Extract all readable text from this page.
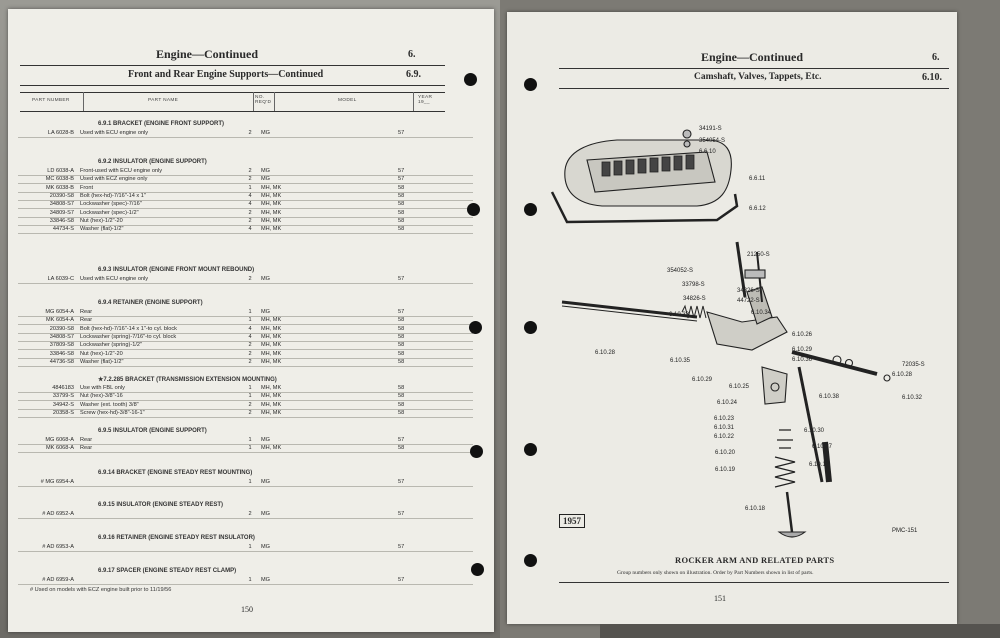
Engine—Continued	6.
Front and Rear Engine Supports—Continued	6.9.
PART NUMBER	PART NAME
NO. REQ'D	MODEL
YEAR 19__
6.9.1 BRACKET (ENGINE FRONT SUPPORT)
LA 6028-B Used with ECU engine only	2	MG	57
6.9.2 INSULATOR (ENGINE SUPPORT)
LD 6038-A Front-used with ECU engine only	2	MG	57
MC 6038-B Used with ECZ engine only	2	MG	57
MK 6038-B Front	1	MH, MK	58
20390-S8 Bolt (hex-hd)-7/16"-14 x 1"	4	MH, MK	58
34808-S7 Lockwasher (spec)-7/16"	4	MH, MK	58
34809-S7 Lockwasher (spec)-1/2"	2	MH, MK	58
33846-S8 Nut (hex)-1/2"-20	2	MH, MK	58
44734-S Washer (flat)-1/2"	4	MH, MK	58
6.9.3 INSULATOR (ENGINE FRONT MOUNT REBOUND)
LA 6039-C Used with ECU engine only	2	MG	57
6.9.4 RETAINER (ENGINE SUPPORT)
MG 6054-A Rear	1	MG	57
MK 6054-A Rear	1	MH, MK	58
20390-S8 Bolt (hex-hd)-7/16"-14 x 1"-to cyl. block	4	MH, MK	58
34808-S7 Lockwasher (spring)-7/16"-to cyl. block	4	MH, MK	58
37809-S8 Lockwasher (spring)-1/2"	2	MH, MK	58
33846-S8 Nut (hex)-1/2"-20	2	MH, MK	58
44736-S8 Washer (flat)-1/2"	2	MH, MK	58
★7.2.285 BRACKET (TRANSMISSION EXTENSION MOUNTING)
4846183 Use with FBL only	1	MH, MK	58
33799-S Nut (hex)-3/8"-16	1	MH, MK	58
34942-S Washer (ext. tooth) 3/8"	2	MH, MK	58
20358-S Screw (hex-hd)-3/8"-16-1"	2	MH, MK	58
6.9.5 INSULATOR (ENGINE SUPPORT)
MG 6068-A Rear	1	MG	57
MK 6068-A Rear	1	MH, MK	58
6.9.14 BRACKET (ENGINE STEADY REST MOUNTING)
# MG 6954-A	1	MG	57
6.9.15 INSULATOR (ENGINE STEADY REST)
# AD 6952-A	2	MG	57
6.9.16 RETAINER (ENGINE STEADY REST INSULATOR)
# AD 6953-A	1	MG	57
6.9.17 SPACER (ENGINE STEADY REST CLAMP)
# AD 6959-A	1	MG	57
# Used on models with ECZ engine built prior to 11/19/56
150
Engine—Continued	6.
Camshaft, Valves, Tappets, Etc.	6.10.
34191-S
354054-S
6.6.10
6.6.11
6.6.12
21250-S
354052-S
33798-S
34826-S
34826-S	44722-S
6.10.34
6.10.33
6.10.26
6.10.28
6.10.35
6.10.29
6.10.36
72035-S
6.10.28
6.10.29
6.10.25
6.10.38	6.10.32
6.10.24
6.10.23
6.10.31
6.10.22
6.10.30
6.10.37
6.10.20
6.10.17
6.10.19
6.10.18
1957
PMC-151
ROCKER ARM AND RELATED PARTS
Group numbers only shown on illustration. Order by Part Numbers shown in list of parts.
151
